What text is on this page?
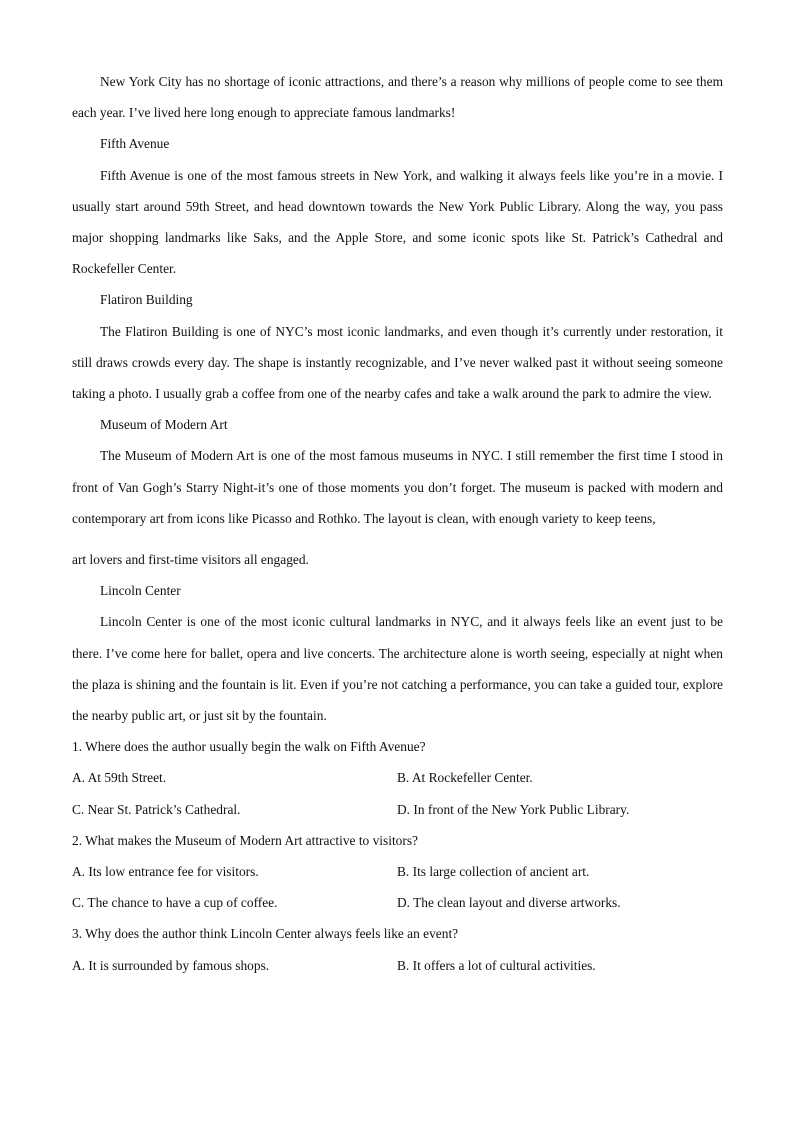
New York City has no shortage of iconic attractions, and there’s a reason why millions of people come to see them each year. I’ve lived here long enough to appreciate famous landmarks!

Fifth Avenue

Fifth Avenue is one of the most famous streets in New York, and walking it always feels like you’re in a movie. I usually start around 59th Street, and head downtown towards the New York Public Library. Along the way, you pass major shopping landmarks like Saks, and the Apple Store, and some iconic spots like St. Patrick’s Cathedral and Rockefeller Center.

Flatiron Building

The Flatiron Building is one of NYC’s most iconic landmarks, and even though it’s currently under restoration, it still draws crowds every day. The shape is instantly recognizable, and I’ve never walked past it without seeing someone taking a photo. I usually grab a coffee from one of the nearby cafes and take a walk around the park to admire the view.

Museum of Modern Art

The Museum of Modern Art is one of the most famous museums in NYC. I still remember the first time I stood in front of Van Gogh’s Starry Night-it’s one of those moments you don’t forget. The museum is packed with modern and contemporary art from icons like Picasso and Rothko. The layout is clean, with enough variety to keep teens,

art lovers and first-time visitors all engaged.

Lincoln Center

Lincoln Center is one of the most iconic cultural landmarks in NYC, and it always feels like an event just to be there. I’ve come here for ballet, opera and live concerts. The architecture alone is worth seeing, especially at night when the plaza is shining and the fountain is lit. Even if you’re not catching a performance, you can take a guided tour, explore the nearby public art, or just sit by the fountain.

1. Where does the author usually begin the walk on Fifth Avenue?

A. At 59th Street.	B. At Rockefeller Center.
C. Near St. Patrick’s Cathedral.	D. In front of the New York Public Library.

2. What makes the Museum of Modern Art attractive to visitors?

A. Its low entrance fee for visitors.	B. Its large collection of ancient art.
C. The chance to have a cup of coffee.	D. The clean layout and diverse artworks.

3. Why does the author think Lincoln Center always feels like an event?

A. It is surrounded by famous shops.	B. It offers a lot of cultural activities.
